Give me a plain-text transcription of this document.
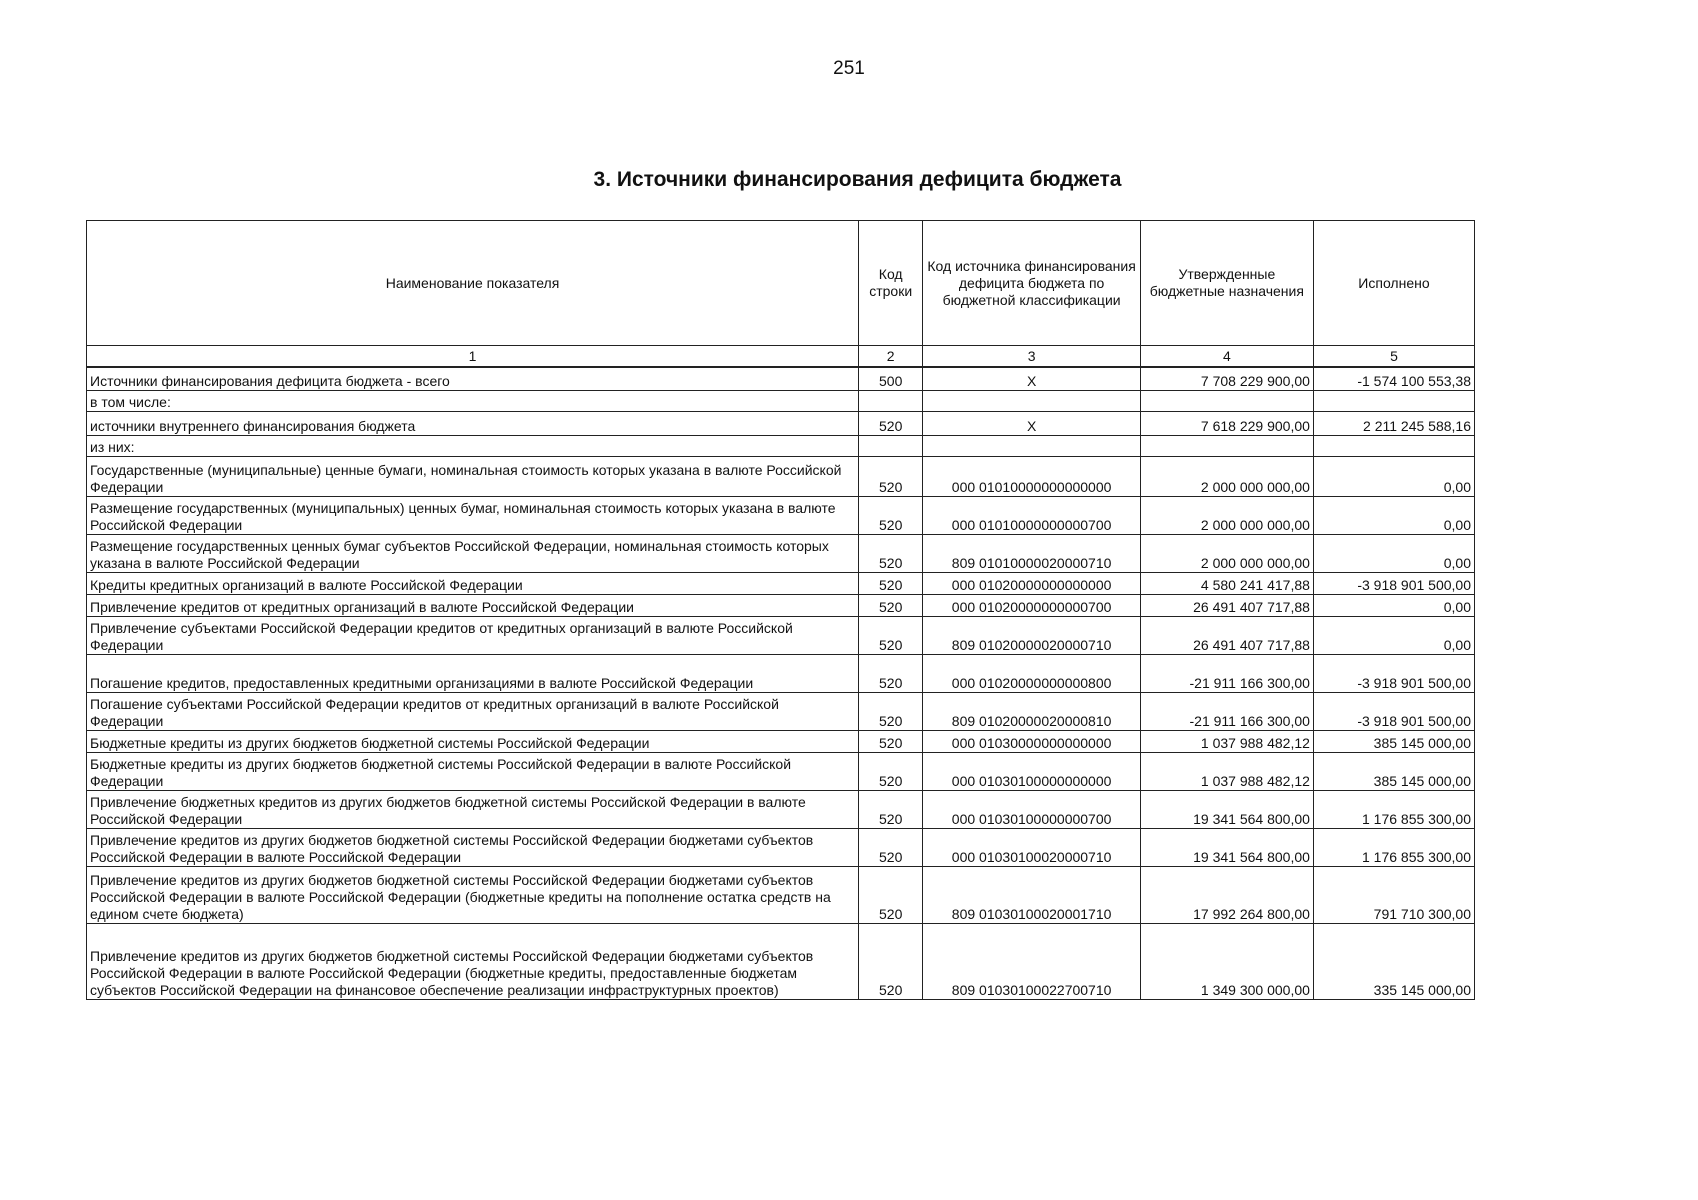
251
3. Источники финансирования дефицита бюджета
Наименование показателя	Код строки	Код источника финансирования дефицита бюджета по бюджетной классификации	Утвержденные бюджетные назначения	Исполнено
1	2	3	4	5
Источники финансирования дефицита бюджета - всего	500	X	7 708 229 900,00	-1 574 100 553,38
в том числе:				
источники внутреннего финансирования бюджета	520	X	7 618 229 900,00	2 211 245 588,16
из них:				
Государственные (муниципальные) ценные бумаги, номинальная стоимость которых указана в валюте Российской Федерации	520	000 01010000000000000	2 000 000 000,00	0,00
Размещение государственных (муниципальных) ценных бумаг, номинальная стоимость которых указана в валюте Российской Федерации	520	000 01010000000000700	2 000 000 000,00	0,00
Размещение государственных ценных бумаг субъектов Российской Федерации, номинальная стоимость которых указана в валюте Российской Федерации	520	809 01010000020000710	2 000 000 000,00	0,00
Кредиты кредитных организаций в валюте Российской Федерации	520	000 01020000000000000	4 580 241 417,88	-3 918 901 500,00
Привлечение кредитов от кредитных организаций в валюте Российской Федерации	520	000 01020000000000700	26 491 407 717,88	0,00
Привлечение субъектами Российской Федерации кредитов от кредитных организаций в валюте Российской Федерации	520	809 01020000020000710	26 491 407 717,88	0,00
Погашение кредитов, предоставленных кредитными организациями в валюте Российской Федерации	520	000 01020000000000800	-21 911 166 300,00	-3 918 901 500,00
Погашение субъектами Российской Федерации кредитов от кредитных организаций в валюте Российской Федерации	520	809 01020000020000810	-21 911 166 300,00	-3 918 901 500,00
Бюджетные кредиты из других бюджетов бюджетной системы Российской Федерации	520	000 01030000000000000	1 037 988 482,12	385 145 000,00
Бюджетные кредиты из других бюджетов бюджетной системы Российской Федерации в валюте Российской Федерации	520	000 01030100000000000	1 037 988 482,12	385 145 000,00
Привлечение бюджетных кредитов из других бюджетов бюджетной системы Российской Федерации в валюте Российской Федерации	520	000 01030100000000700	19 341 564 800,00	1 176 855 300,00
Привлечение кредитов из других бюджетов бюджетной системы Российской Федерации бюджетами субъектов Российской Федерации в валюте Российской Федерации	520	000 01030100020000710	19 341 564 800,00	1 176 855 300,00
Привлечение кредитов из других бюджетов бюджетной системы Российской Федерации бюджетами субъектов Российской Федерации в валюте Российской Федерации (бюджетные кредиты на пополнение остатка средств на едином счете бюджета)	520	809 01030100020001710	17 992 264 800,00	791 710 300,00
Привлечение кредитов из других бюджетов бюджетной системы Российской Федерации бюджетами субъектов Российской Федерации в валюте Российской Федерации (бюджетные кредиты, предоставленные бюджетам субъектов Российской Федерации на финансовое обеспечение реализации инфраструктурных проектов)	520	809 01030100022700710	1 349 300 000,00	335 145 000,00
